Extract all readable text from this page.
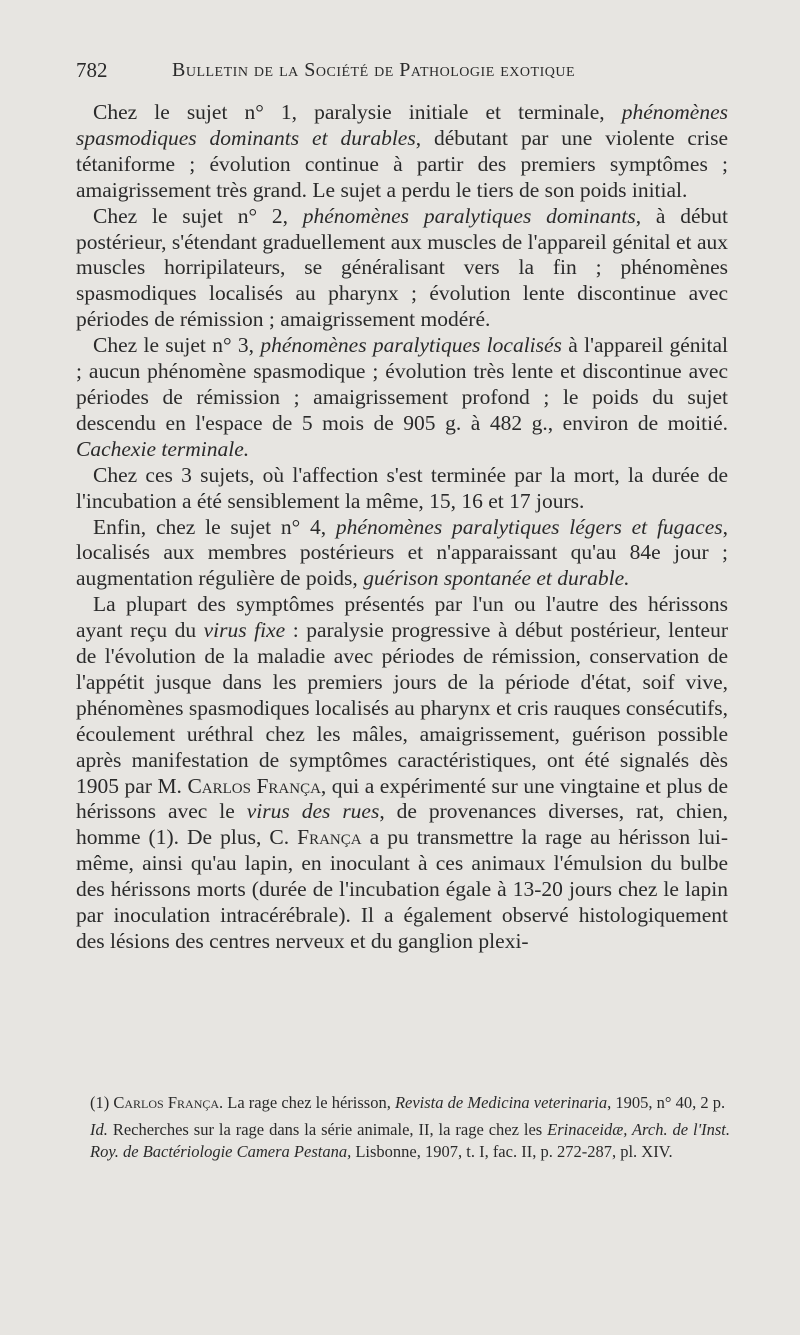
782	Bulletin de la Société de Pathologie exotique

Chez le sujet n° 1, paralysie initiale et terminale, phénomènes spasmodiques dominants et durables, débutant par une violente crise tétaniforme ; évolution continue à partir des premiers symptômes ; amaigrissement très grand. Le sujet a perdu le tiers de son poids initial.

Chez le sujet n° 2, phénomènes paralytiques dominants, à début postérieur, s'étendant graduellement aux muscles de l'appareil génital et aux muscles horripilateurs, se généralisant vers la fin ; phénomènes spasmodiques localisés au pharynx ; évolution lente discontinue avec périodes de rémission ; amaigrissement modéré.

Chez le sujet n° 3, phénomènes paralytiques localisés à l'appareil génital ; aucun phénomène spasmodique ; évolution très lente et discontinue avec périodes de rémission ; amaigrissement profond ; le poids du sujet descendu en l'espace de 5 mois de 905 g. à 482 g., environ de moitié. Cachexie terminale.

Chez ces 3 sujets, où l'affection s'est terminée par la mort, la durée de l'incubation a été sensiblement la même, 15, 16 et 17 jours.

Enfin, chez le sujet n° 4, phénomènes paralytiques légers et fugaces, localisés aux membres postérieurs et n'apparaissant qu'au 84e jour ; augmentation régulière de poids, guérison spontanée et durable.

La plupart des symptômes présentés par l'un ou l'autre des hérissons ayant reçu du virus fixe : paralysie progressive à début postérieur, lenteur de l'évolution de la maladie avec périodes de rémission, conservation de l'appétit jusque dans les premiers jours de la période d'état, soif vive, phénomènes spasmodiques localisés au pharynx et cris rauques consécutifs, écoulement uréthral chez les mâles, amaigrissement, guérison possible après manifestation de symptômes caractéristiques, ont été signalés dès 1905 par M. Carlos França, qui a expérimenté sur une vingtaine et plus de hérissons avec le virus des rues, de provenances diverses, rat, chien, homme (1). De plus, C. França a pu transmettre la rage au hérisson lui-même, ainsi qu'au lapin, en inoculant à ces animaux l'émulsion du bulbe des hérissons morts (durée de l'incubation égale à 13-20 jours chez le lapin par inoculation intracérébrale). Il a également observé histologiquement des lésions des centres nerveux et du ganglion plexi-

(1) Carlos França. La rage chez le hérisson, Revista de Medicina veterinaria, 1905, n° 40, 2 p.

Id. Recherches sur la rage dans la série animale, II, la rage chez les Erinaceidæ, Arch. de l'Inst. Roy. de Bactériologie Camera Pestana, Lisbonne, 1907, t. I, fac. II, p. 272-287, pl. XIV.
